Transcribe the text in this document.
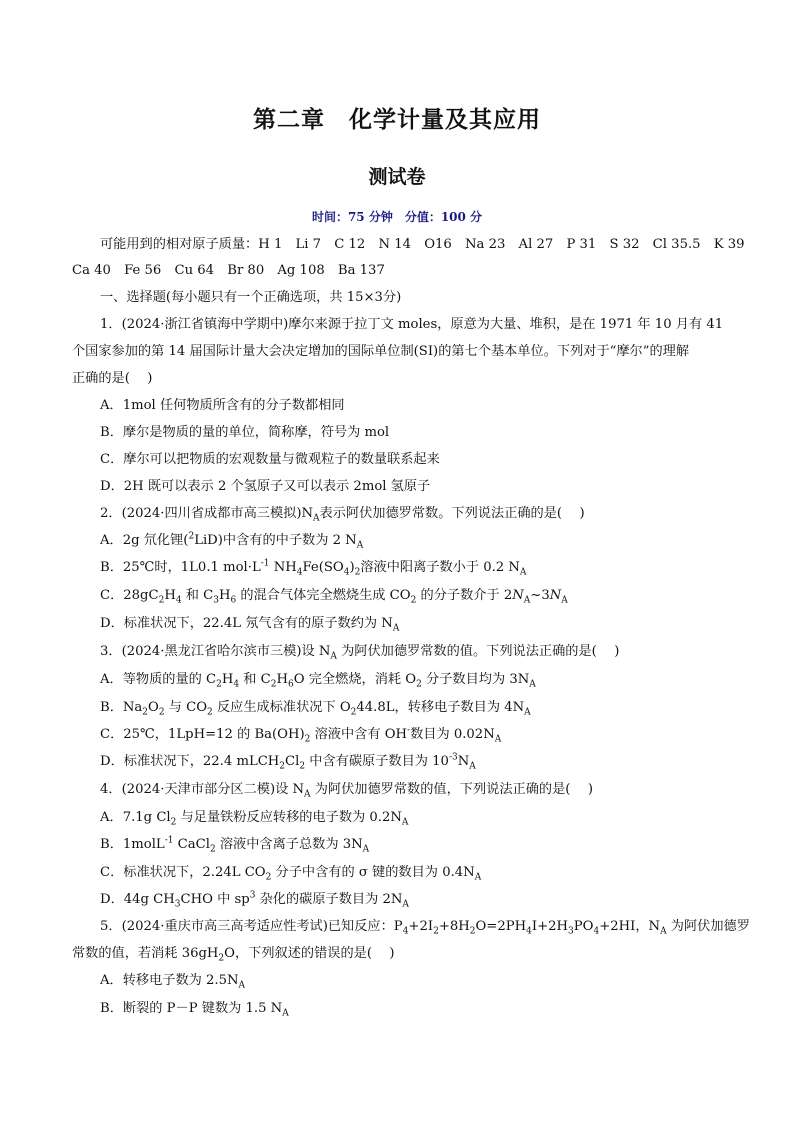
第二章　化学计量及其应用
测试卷
时间：75 分钟　分值：100 分
可能用到的相对原子质量：H 1　Li 7　C 12　N 14　O16　Na 23　Al 27　P 31　S 32　Cl 35.5　K 39
Ca 40　Fe 56　Cu 64　Br 80　Ag 108　Ba 137
一、选择题(每小题只有一个正确选项，共 15×3分)
1．(2024·浙江省镇海中学期中)摩尔来源于拉丁文 moles，原意为大量、堆积，是在 1971 年 10 月有 41
个国家参加的第 14 届国际计量大会决定增加的国际单位制(SI)的第七个基本单位。下列对于“摩尔”的理解
正确的是(　 )
A．1mol 任何物质所含有的分子数都相同
B．摩尔是物质的量的单位，简称摩，符号为 mol
C．摩尔可以把物质的宏观数量与微观粒子的数量联系起来
D．2H 既可以表示 2 个氢原子又可以表示 2mol 氢原子
2．(2024·四川省成都市高三模拟)$N_A$表示阿伏加德罗常数。下列说法正确的是(　 )
A．2g 氘化锂($^2$LiD)中含有的中子数为 2 $N_A$
B．25℃时，1L0.1 $mol\cdot L^{-1}$ $NH_4Fe(SO_4)_2$溶液中阳离子数小于 0.2 $N_A$
C．$28gC_2H_4$ 和 $C_3H_6$ 的混合气体完全燃烧生成 $CO_2$ 的分子数介于 $2N_A\sim 3N_A$
D．标准状况下，22.4L 氖气含有的原子数约为 $N_A$
3．(2024·黑龙江省哈尔滨市三模)设 $N_A$ 为阿伏加德罗常数的值。下列说法正确的是(　 )
A．等物质的量的 $C_2H_4$ 和 $C_2H_6O$ 完全燃烧，消耗 $O_2$ 分子数目均为 $3N_A$
B．$Na_2O_2$ 与 $CO_2$ 反应生成标准状况下 $O_244.8L$，转移电子数目为 $4N_A$
C．25℃，1LpH=12 的 $Ba(OH)_2$ 溶液中含有 OH-数目为 $0.02N_A$
D．标准状况下，22.4 $mLCH_2Cl_2$ 中含有碳原子数目为 $10^{-3}N_A$
4．(2024·天津市部分区二模)设 $N_A$ 为阿伏加德罗常数的值，下列说法正确的是(　 )
A．7.1g $Cl_2$ 与足量铁粉反应转移的电子数为 $0.2N_A$
B．1molL$^{-1}$ CaCl$_2$ 溶液中含离子总数为 $3N_A$
C．标准状况下，2.24L $CO_2$ 分子中含有的 σ 键的数目为 $0.4N_A$
D．44g $CH_3CHO$ 中 $sp^3$ 杂化的碳原子数目为 $2N_A$
5．(2024·重庆市高三高考适应性考试)已知反应：$P_4+2I_2+8H_2O=2PH_4I+2H_3PO_4+2HI$，$N_A$ 为阿伏加德罗
常数的值，若消耗 $36gH_2O$，下列叙述的错误的是(　 )
A．转移电子数为 $2.5N_A$
B．断裂的 P－P 键数为 1.5 $N_A$
